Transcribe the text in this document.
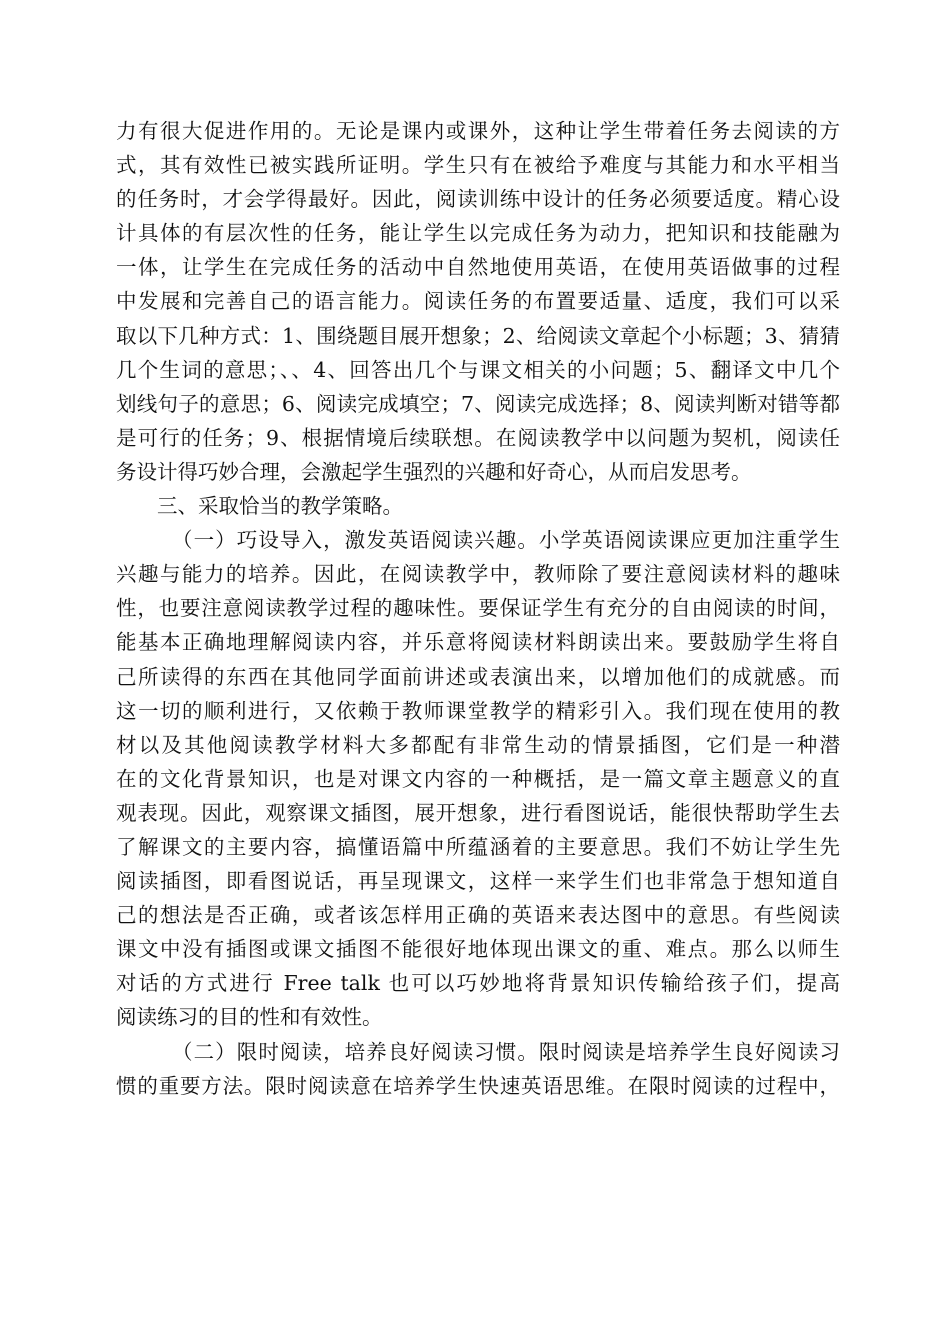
力有很大促进作用的。无论是课内或课外，这种让学生带着任务去阅读的方
式，其有效性已被实践所证明。学生只有在被给予难度与其能力和水平相当
的任务时，才会学得最好。因此，阅读训练中设计的任务必须要适度。精心设
计具体的有层次性的任务，能让学生以完成任务为动力，把知识和技能融为
一体，让学生在完成任务的活动中自然地使用英语，在使用英语做事的过程
中发展和完善自己的语言能力。阅读任务的布置要适量、适度，我们可以采
取以下几种方式：1、围绕题目展开想象；2、给阅读文章起个小标题；3、猜猜
几个生词的意思；、、4、回答出几个与课文相关的小问题；5、翻译文中几个
划线句子的意思；6、阅读完成填空；7、阅读完成选择；8、阅读判断对错等都
是可行的任务；9、根据情境后续联想。在阅读教学中以问题为契机，阅读任
务设计得巧妙合理，会激起学生强烈的兴趣和好奇心，从而启发思考。
三、采取恰当的教学策略。
（一）巧设导入，激发英语阅读兴趣。小学英语阅读课应更加注重学生
兴趣与能力的培养。因此，在阅读教学中，教师除了要注意阅读材料的趣味
性，也要注意阅读教学过程的趣味性。要保证学生有充分的自由阅读的时间，
能基本正确地理解阅读内容，并乐意将阅读材料朗读出来。要鼓励学生将自
己所读得的东西在其他同学面前讲述或表演出来，以增加他们的成就感。而
这一切的顺利进行，又依赖于教师课堂教学的精彩引入。我们现在使用的教
材以及其他阅读教学材料大多都配有非常生动的情景插图，它们是一种潜
在的文化背景知识，也是对课文内容的一种概括，是一篇文章主题意义的直
观表现。因此，观察课文插图，展开想象，进行看图说话，能很快帮助学生去
了解课文的主要内容，搞懂语篇中所蕴涵着的主要意思。我们不妨让学生先
阅读插图，即看图说话，再呈现课文，这样一来学生们也非常急于想知道自
己的想法是否正确，或者该怎样用正确的英语来表达图中的意思。有些阅读
课文中没有插图或课文插图不能很好地体现出课文的重、难点。那么以师生
对话的方式进行 Free talk 也可以巧妙地将背景知识传输给孩子们，提高
阅读练习的目的性和有效性。
（二）限时阅读，培养良好阅读习惯。限时阅读是培养学生良好阅读习
惯的重要方法。限时阅读意在培养学生快速英语思维。在限时阅读的过程中，
